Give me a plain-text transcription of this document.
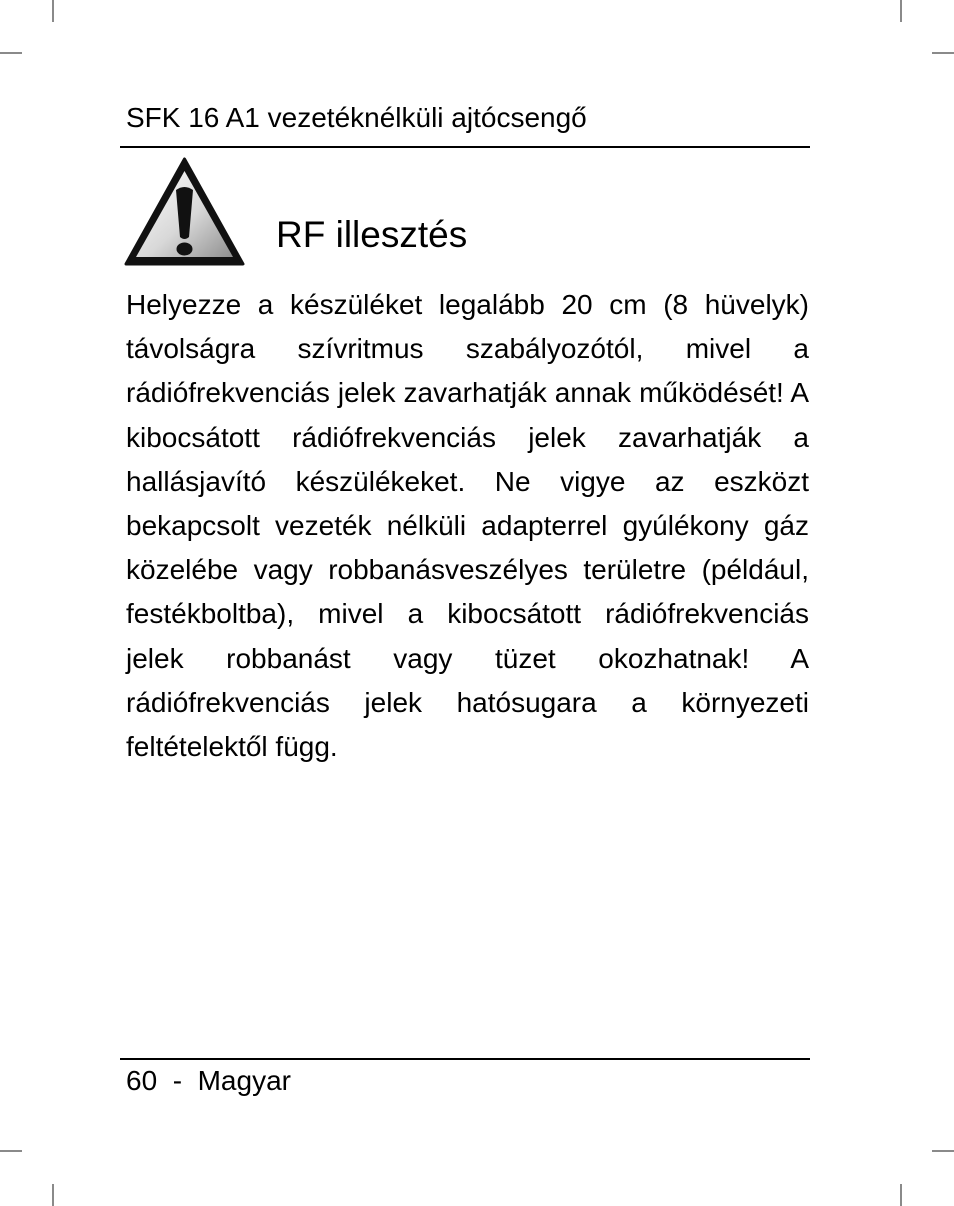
SFK 16 A1 vezetéknélküli ajtócsengő
RF illesztés
Helyezze a készüléket legalább 20 cm (8 hüvelyk) távolságra szívritmus szabályozótól, mivel a rádiófrekvenciás jelek zavarhatják annak működését! A kibocsátott rádiófrekvenciás jelek zavarhatják a hallásjavító készülékeket. Ne vigye az eszközt bekapcsolt vezeték nélküli adapterrel gyúlékony gáz közelébe vagy robbanásveszélyes területre (például, festékboltba), mivel a kibocsátott rádiófrekvenciás jelek robbanást vagy tüzet okozhatnak! A rádiófrekvenciás jelek hatósugara a környezeti feltételektől függ.
60 - Magyar
